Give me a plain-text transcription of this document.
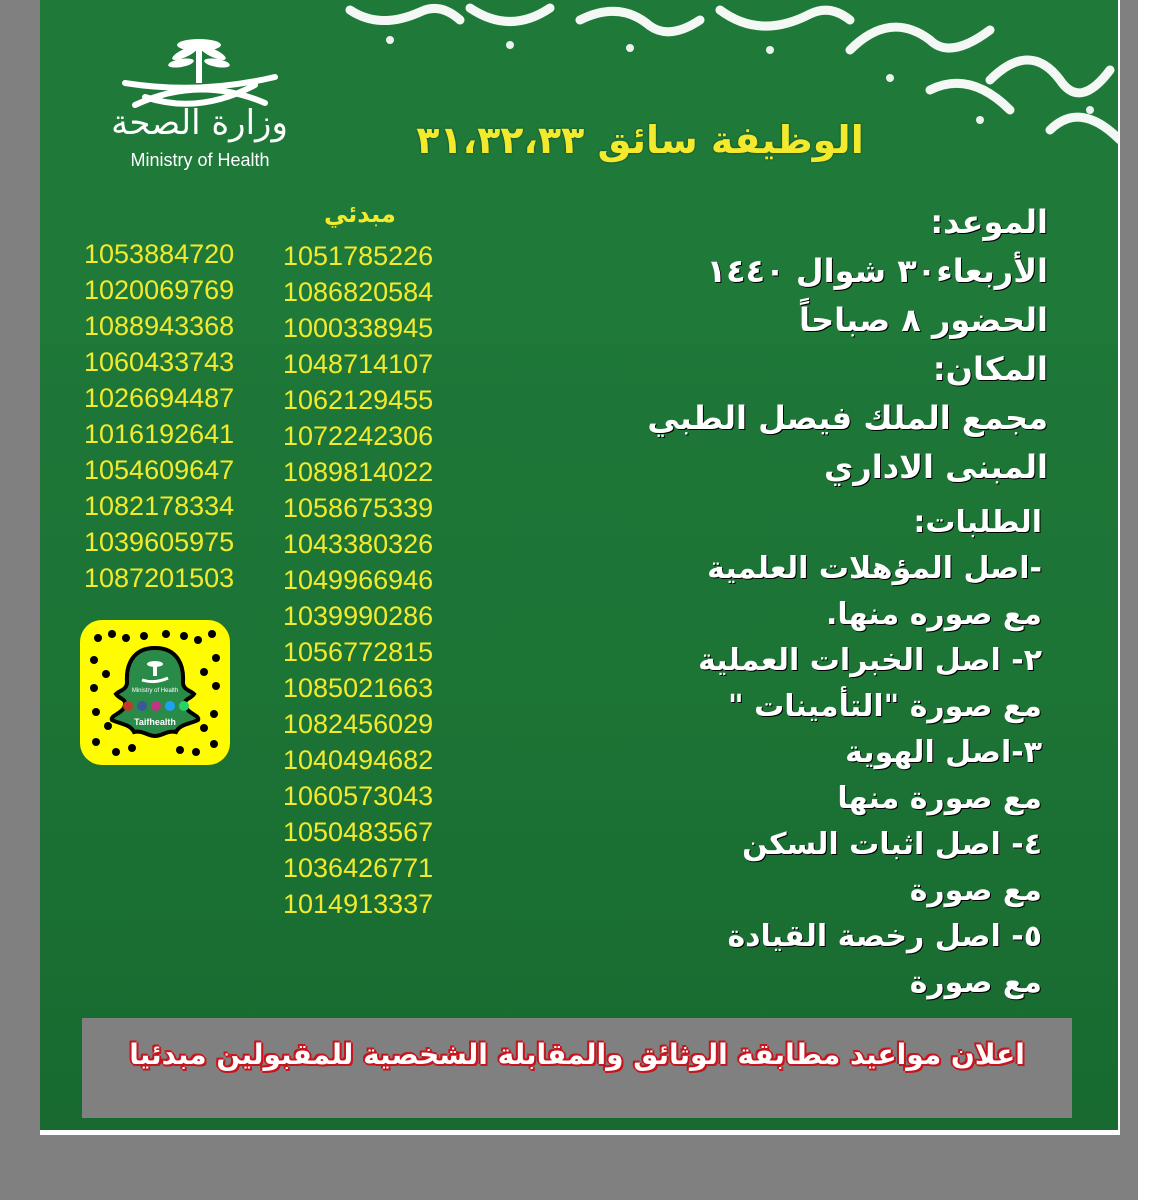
وزارة الصحة
Ministry of Health	الوظيفة سائق ٣١،٣٢،٣٣
الموعد:
الأربعاء٣٠ شوال ١٤٤٠
الحضور ٨ صباحاً
المكان:
مجمع الملك فيصل الطبي
المبنى الاداري
الطلبات:
-اصل المؤهلات العلمية
مع صوره منها.
٢- اصل الخبرات العملية
مع صورة "التأمينات "
٣-اصل الهوية
مع صورة منها
٤- اصل اثبات السكن
مع صورة
٥- اصل رخصة القيادة
مع صورة
مبدئي
1053884720
1020069769
1088943368
1060433743
1026694487
1016192641
1054609647
1082178334
1039605975
1087201503
1051785226
1086820584
1000338945
1048714107
1062129455
1072242306
1089814022
1058675339
1043380326
1049966946
1039990286
1056772815
1085021663
1082456029
1040494682
1060573043
1050483567
1036426771
1014913337
Ministry of Health
Taifhealth
اعلان مواعيد مطابقة الوثائق والمقابلة الشخصية للمقبولين مبدئيا
